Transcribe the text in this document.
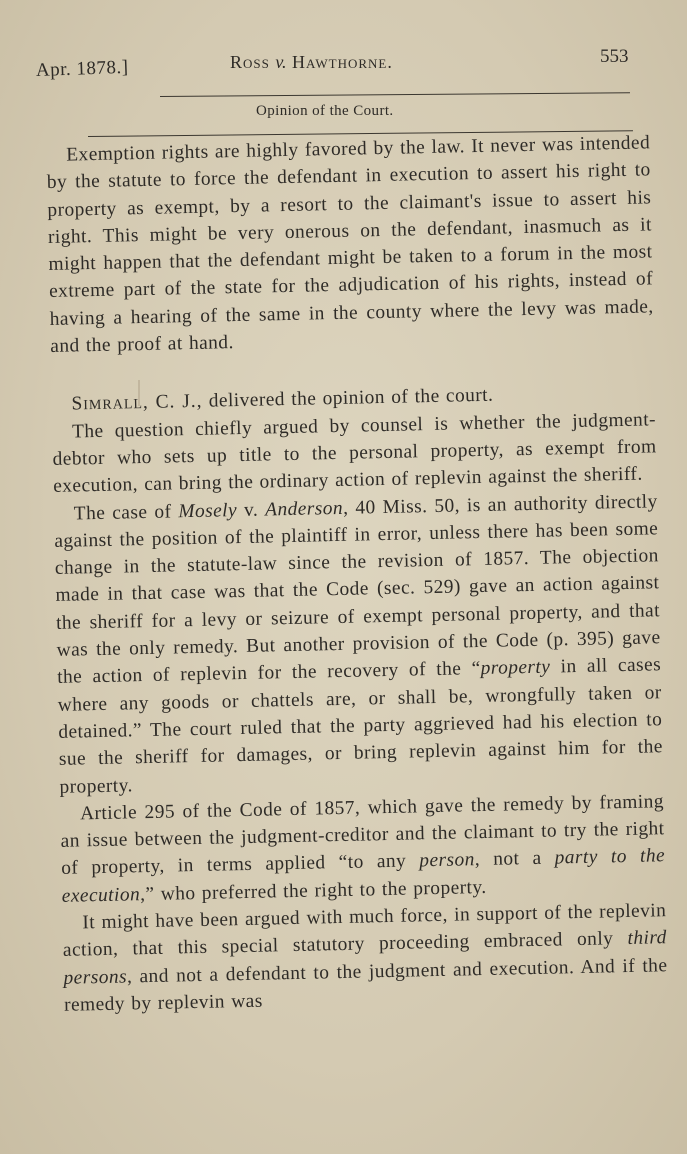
Apr. 1878.]	Ross v. Hawthorne.	553
Opinion of the Court.

Exemption rights are highly favored by the law. It never was intended by the statute to force the defendant in execution to assert his right to property as exempt, by a resort to the claimant's issue to assert his right. This might be very onerous on the defendant, inasmuch as it might happen that the defendant might be taken to a forum in the most extreme part of the state for the adjudication of his rights, instead of having a hearing of the same in the county where the levy was made, and the proof at hand.

Simrall, C. J., delivered the opinion of the court.

The question chiefly argued by counsel is whether the judgment-debtor who sets up title to the personal property, as exempt from execution, can bring the ordinary action of replevin against the sheriff.

The case of Mosely v. Anderson, 40 Miss. 50, is an authority directly against the position of the plaintiff in error, unless there has been some change in the statute-law since the revision of 1857. The objection made in that case was that the Code (sec. 529) gave an action against the sheriff for a levy or seizure of exempt personal property, and that was the only remedy. But another provision of the Code (p. 395) gave the action of replevin for the recovery of the “property in all cases where any goods or chattels are, or shall be, wrongfully taken or detained.” The court ruled that the party aggrieved had his election to sue the sheriff for damages, or bring replevin against him for the property.

Article 295 of the Code of 1857, which gave the remedy by framing an issue between the judgment-creditor and the claimant to try the right of property, in terms applied “to any person, not a party to the execution,” who preferred the right to the property.

It might have been argued with much force, in support of the replevin action, that this special statutory proceeding embraced only third persons, and not a defendant to the judgment and execution. And if the remedy by replevin was
